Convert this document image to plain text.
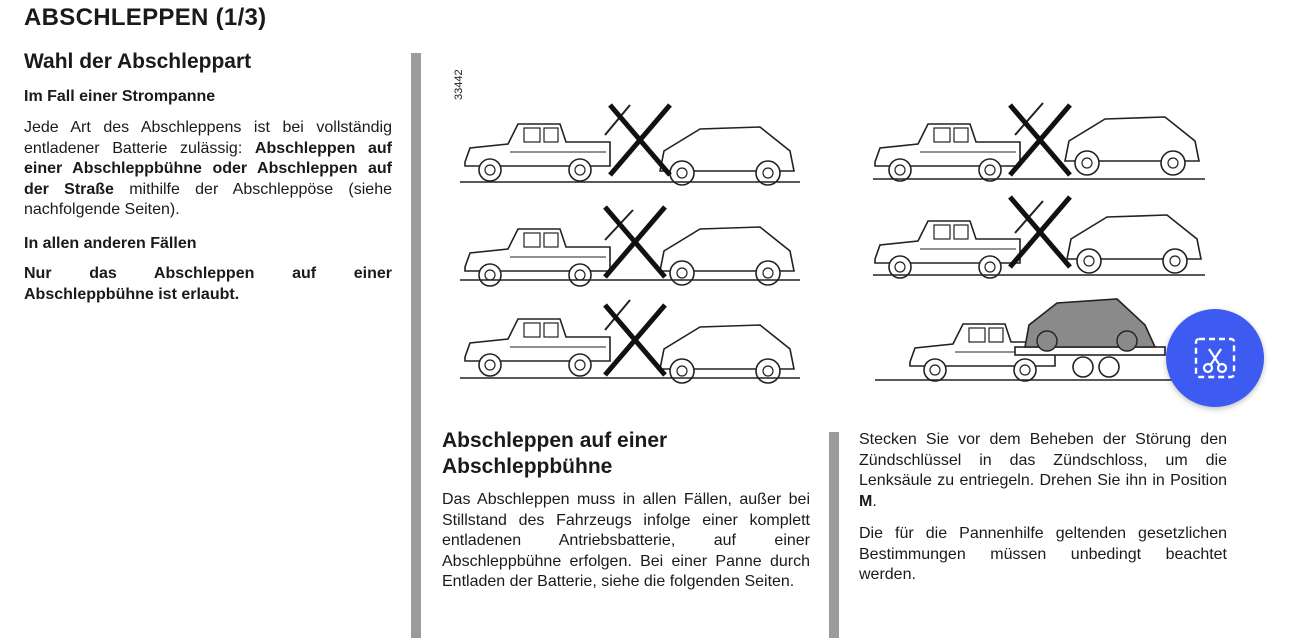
ABSCHLEPPEN (1/3)
Wahl der Abschleppart
Im Fall einer Strompanne
Jede Art des Abschleppens ist bei vollständig entladener Batterie zulässig: Abschleppen auf einer Abschleppbühne oder Abschleppen auf der Straße mithilfe der Abschleppöse (siehe nachfolgende Seiten).
In allen anderen Fällen
Nur das Abschleppen auf einer Abschleppbühne ist erlaubt.
33442
Abschleppen auf einer Abschleppbühne
Das Abschleppen muss in allen Fällen, außer bei Stillstand des Fahrzeugs infolge einer komplett entladenen Antriebsbatterie, auf einer Abschleppbühne erfolgen. Bei einer Panne durch Entladen der Batterie, siehe die folgenden Seiten.
Stecken Sie vor dem Beheben der Störung den Zündschlüssel in das Zündschloss, um die Lenksäule zu entriegeln. Drehen Sie ihn in Position M.
Die für die Pannenhilfe geltenden gesetzlichen Bestimmungen müssen unbedingt beachtet werden.
